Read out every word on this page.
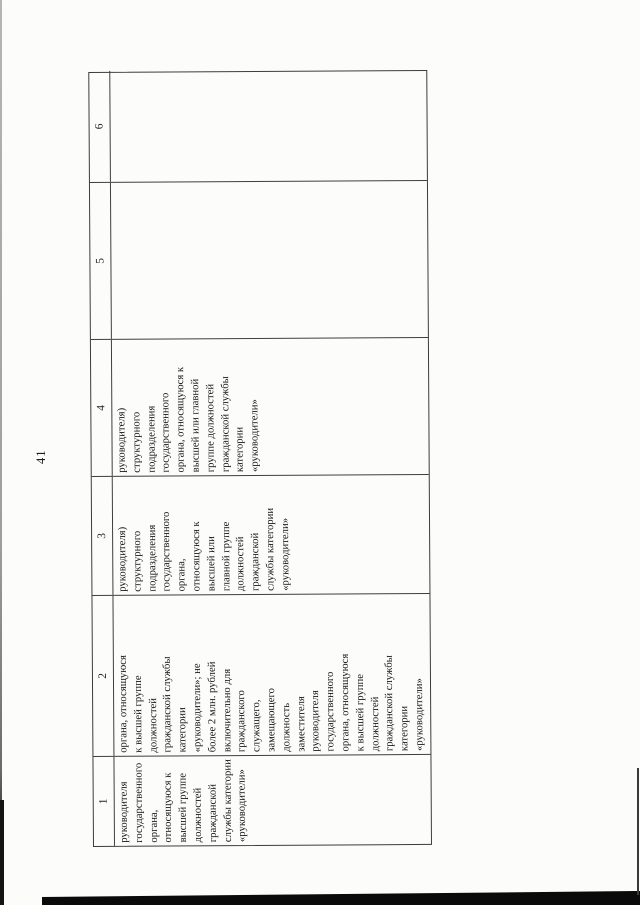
41
1 руководителя
государственного
органа,
относящуюся к
высшей группе
должностей
гражданской
службы категории
«руководители»
2 органа, относящуюся
к высшей группе
должностей
гражданской службы
категории
«руководители»; не
более 2 млн. рублей
включительно для
гражданского
служащего,
замещающего
должность
заместителя
руководителя
государственного
органа, относящуюся
к высшей группе
должностей
гражданской службы
категории
«руководители»
3 руководителя)
структурного
подразделения
государственного
органа,
относящуюся к
высшей или
главной группе
должностей
гражданской
службы категории
«руководители»
4 руководителя)
структурного
подразделения
государственного
органа, относящуюся к
высшей или главной
группе должностей
гражданской службы
категории
«руководители»
5
6
